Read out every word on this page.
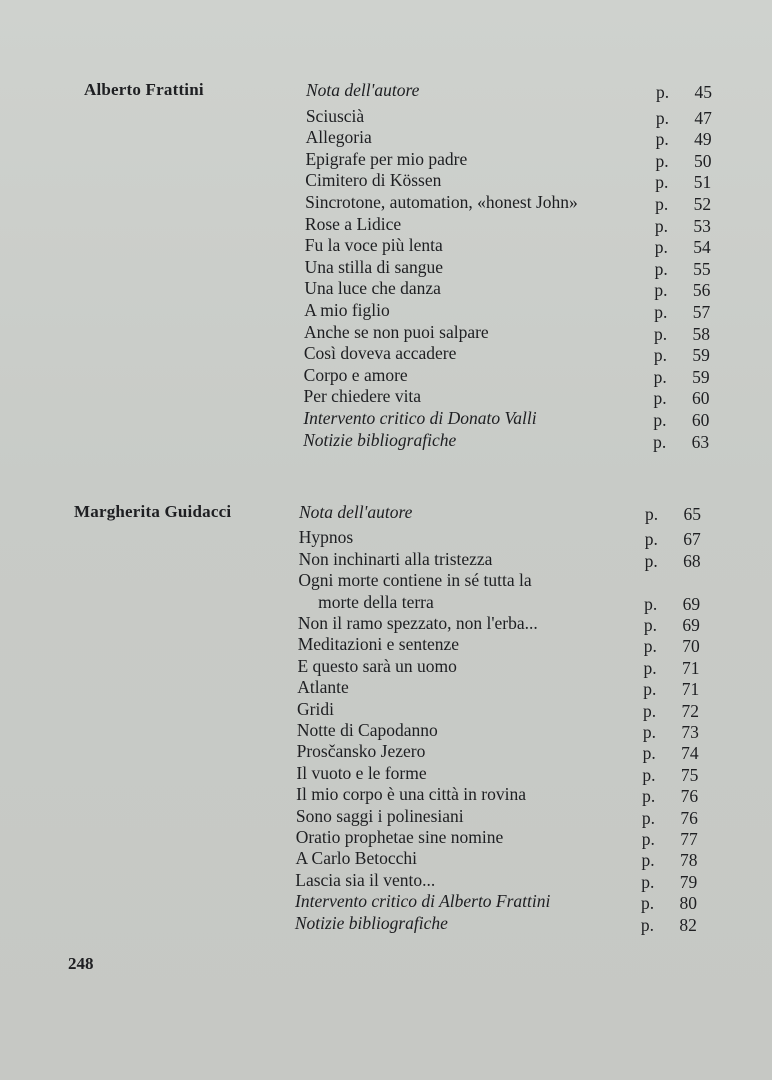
Alberto Frattini	Nota dell'autore	p. 45
Sciuscià	p. 47
Allegoria	p. 49
Epigrafe per mio padre	p. 50
Cimitero di Kössen	p. 51
Sincrotone, automation, «honest John»	p. 52
Rose a Lidice	p. 53
Fu la voce più lenta	p. 54
Una stilla di sangue	p. 55
Una luce che danza	p. 56
A mio figlio	p. 57
Anche se non puoi salpare	p. 58
Così doveva accadere	p. 59
Corpo e amore	p. 59
Per chiedere vita	p. 60
Intervento critico di Donato Valli	p. 60
Notizie bibliografiche	p. 63
Margherita Guidacci	Nota dell'autore	p. 65
Hypnos	p. 67
Non inchinarti alla tristezza	p. 68
Ogni morte contiene in sé tutta la
morte della terra	p. 69
Non il ramo spezzato, non l'erba...	p. 69
Meditazioni e sentenze	p. 70
E questo sarà un uomo	p. 71
Atlante	p. 71
Gridi	p. 72
Notte di Capodanno	p. 73
Prosčansko Jezero	p. 74
Il vuoto e le forme	p. 75
Il mio corpo è una città in rovina	p. 76
Sono saggi i polinesiani	p. 76
Oratio prophetae sine nomine	p. 77
A Carlo Betocchi	p. 78
Lascia sia il vento...	p. 79
Intervento critico di Alberto Frattini	p. 80
Notizie bibliografiche	p. 82
248
